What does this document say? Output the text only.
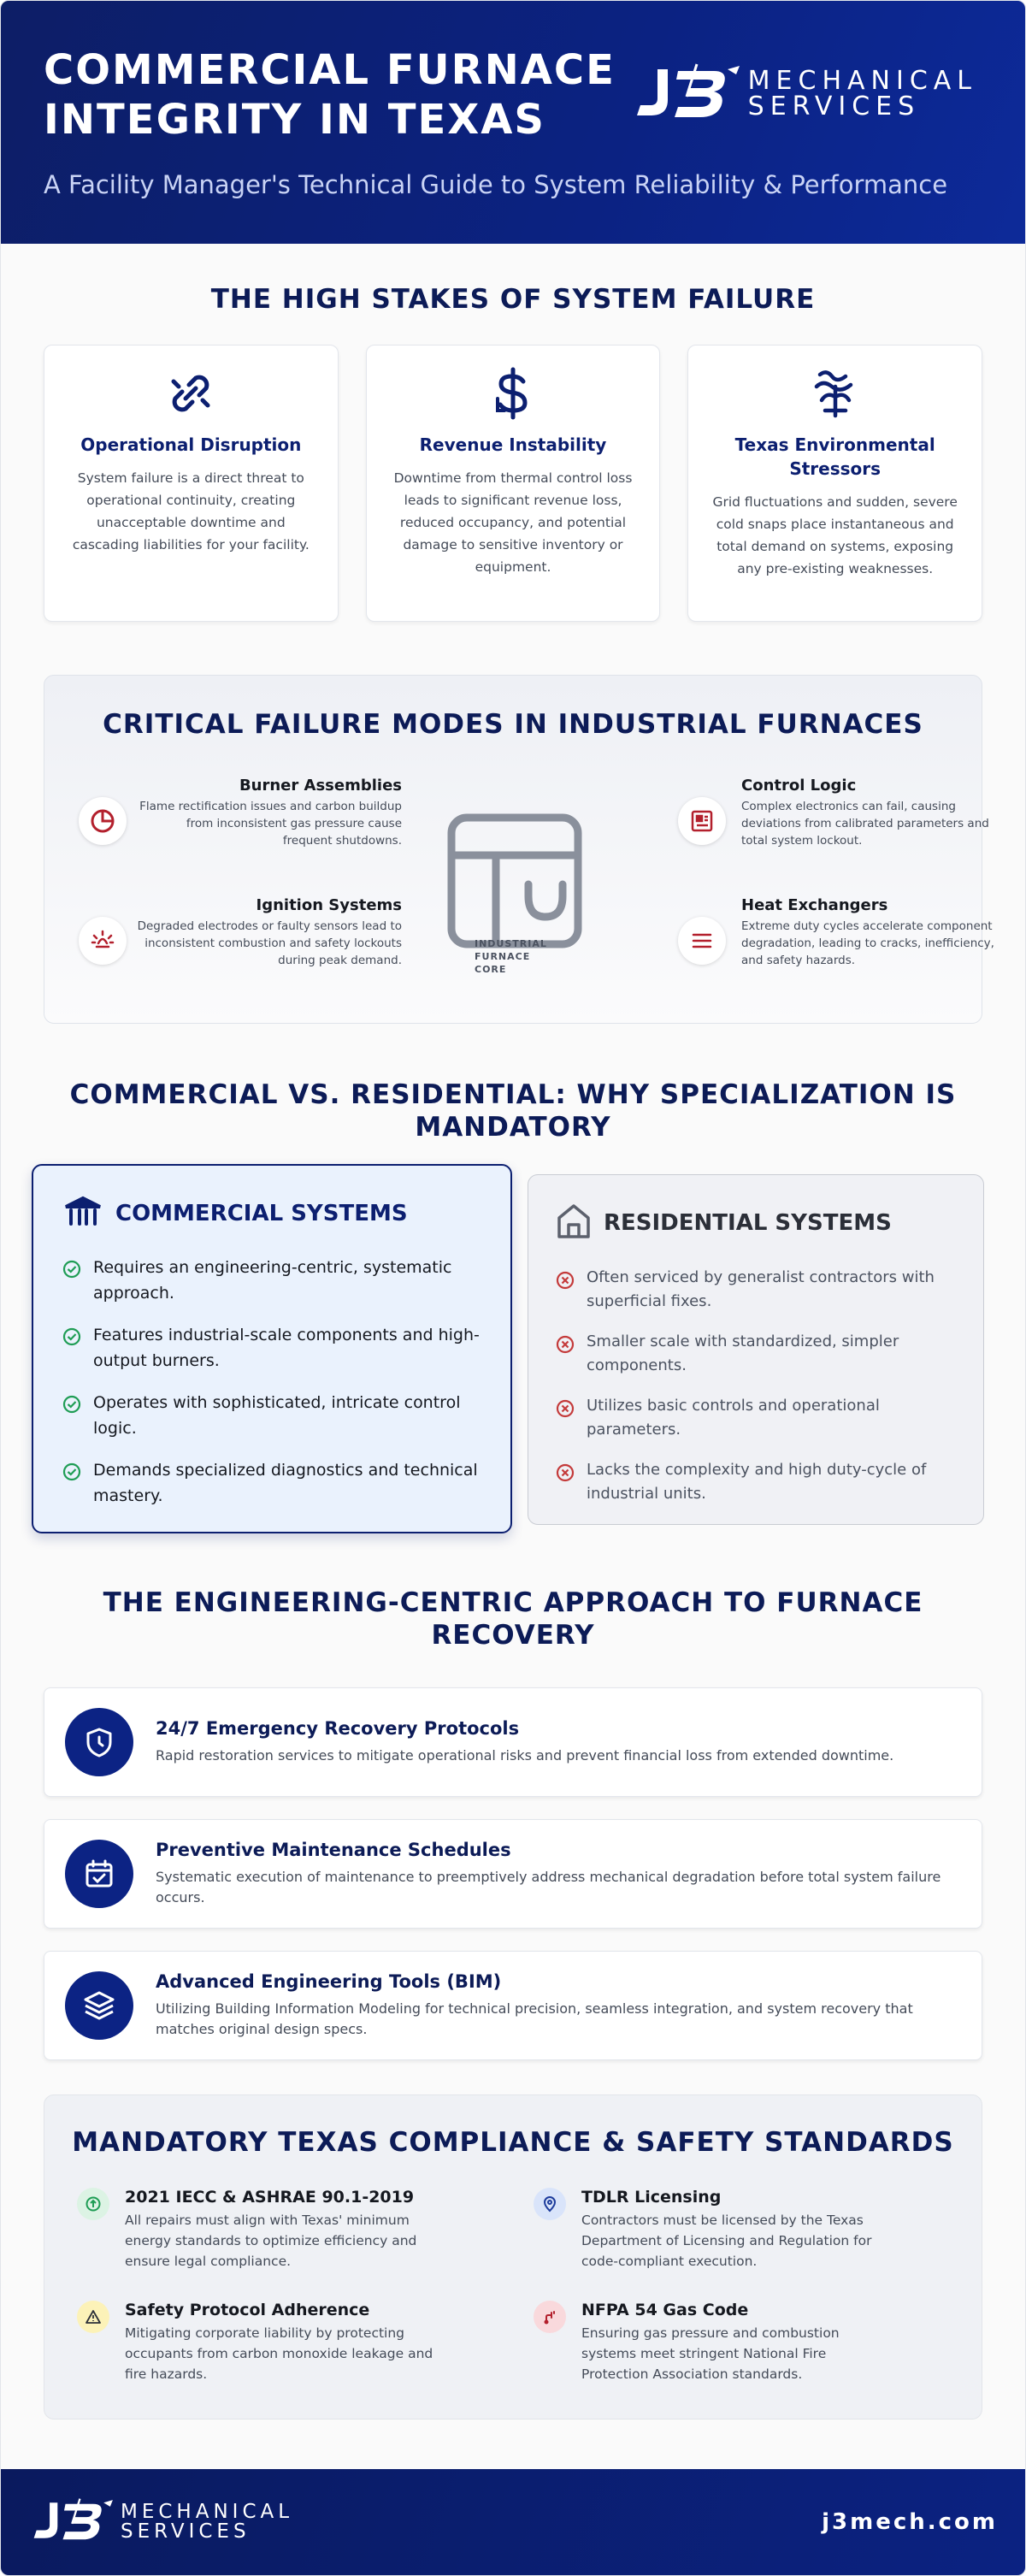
COMMERCIAL FURNACE
INTEGRITY IN TEXAS
MECHANICAL
SERVICES

A Facility Manager's Technical Guide to System Reliability & Performance

THE HIGH STAKES OF SYSTEM FAILURE
Operational Disruption

System failure is a direct threat to operational continuity, creating unacceptable downtime and cascading liabilities for your facility.

Revenue Instability

Downtime from thermal control loss leads to significant revenue loss, reduced occupancy, and potential damage to sensitive inventory or equipment.

Texas Environmental Stressors

Grid fluctuations and sudden, severe cold snaps place instantaneous and total demand on systems, exposing any pre-existing weaknesses.

CRITICAL FAILURE MODES IN INDUSTRIAL FURNACES
Burner Assemblies
Flame rectification issues and carbon buildup from inconsistent gas pressure cause frequent shutdowns.
Ignition Systems
Degraded electrodes or faulty sensors lead to inconsistent combustion and safety lockouts during peak demand.
INDUSTRIAL
FURNACE
CORE
Control Logic
Complex electronics can fail, causing deviations from calibrated parameters and total system lockout.
Heat Exchangers
Extreme duty cycles accelerate component degradation, leading to cracks, inefficiency, and safety hazards.
COMMERCIAL VS. RESIDENTIAL: WHY SPECIALIZATION IS MANDATORY
COMMERCIAL SYSTEMS
Requires an engineering-centric, systematic approach.
Features industrial-scale components and high-output burners.
Operates with sophisticated, intricate control logic.
Demands specialized diagnostics and technical mastery.
RESIDENTIAL SYSTEMS
Often serviced by generalist contractors with superficial fixes.
Smaller scale with standardized, simpler components.
Utilizes basic controls and operational parameters.
Lacks the complexity and high duty-cycle of industrial units.
THE ENGINEERING-CENTRIC APPROACH TO FURNACE RECOVERY
24/7 Emergency Recovery Protocols
Rapid restoration services to mitigate operational risks and prevent financial loss from extended downtime.
Preventive Maintenance Schedules
Systematic execution of maintenance to preemptively address mechanical degradation before total system failure occurs.
Advanced Engineering Tools (BIM)
Utilizing Building Information Modeling for technical precision, seamless integration, and system recovery that matches original design specs.
MANDATORY TEXAS COMPLIANCE & SAFETY STANDARDS
2021 IECC & ASHRAE 90.1-2019
All repairs must align with Texas' minimum energy standards to optimize efficiency and ensure legal compliance.
TDLR Licensing
Contractors must be licensed by the Texas Department of Licensing and Regulation for code-compliant execution.
Safety Protocol Adherence
Mitigating corporate liability by protecting occupants from carbon monoxide leakage and fire hazards.
NFPA 54 Gas Code
Ensuring gas pressure and combustion systems meet stringent National Fire Protection Association standards.
MECHANICAL
SERVICES	j3mech.com
